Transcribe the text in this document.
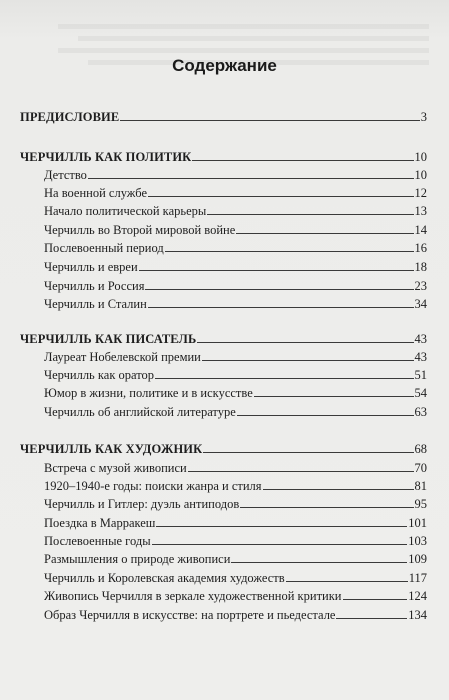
Содержание
ПРЕДИСЛОВИЕ	3
ЧЕРЧИЛЛЬ КАК ПОЛИТИК	10
Детство	10
На военной службе	12
Начало политической карьеры	13
Черчилль во Второй мировой войне	14
Послевоенный период	16
Черчилль и евреи	18
Черчилль и Россия	23
Черчилль и Сталин	34
ЧЕРЧИЛЛЬ КАК ПИСАТЕЛЬ	43
Лауреат Нобелевской премии	43
Черчилль как оратор	51
Юмор в жизни, политике и в искусстве	54
Черчилль об английской литературе	63
ЧЕРЧИЛЛЬ КАК ХУДОЖНИК	68
Встреча с музой живописи	70
1920–1940-е годы: поиски жанра и стиля	81
Черчилль и Гитлер: дуэль антиподов	95
Поездка в Марракеш	101
Послевоенные годы	103
Размышления о природе живописи	109
Черчилль и Королевская академия художеств	117
Живопись Черчилля в зеркале художественной критики	124
Образ Черчилля в искусстве: на портрете и пьедестале	134
